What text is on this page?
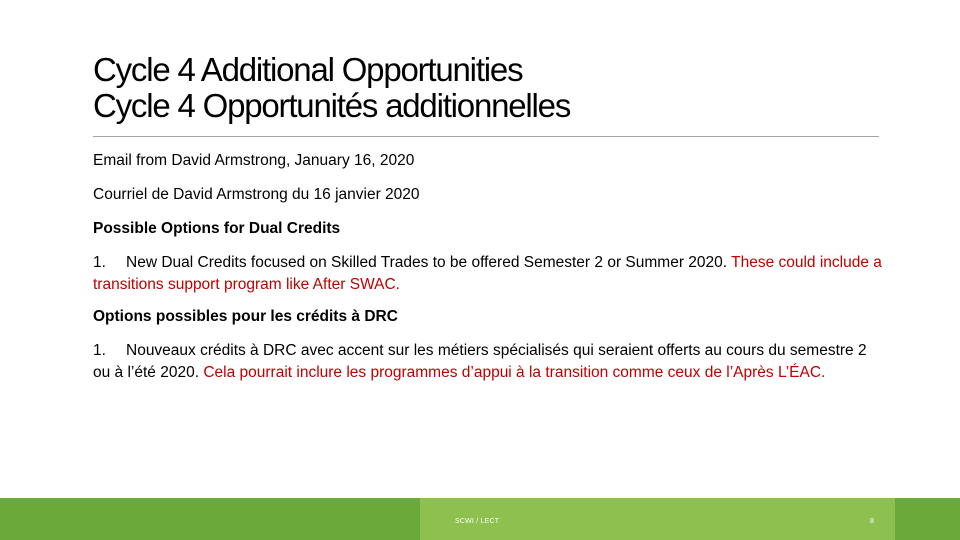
Cycle 4 Additional Opportunities
Cycle 4 Opportunités additionnelles

Email from David Armstrong, January 16, 2020

Courriel de David Armstrong du 16 janvier 2020

Possible Options for Dual Credits

1. New Dual Credits focused on Skilled Trades to be offered Semester 2 or Summer 2020. These could include a transitions support program like After SWAC.

Options possibles pour les crédits à DRC

1. Nouveaux crédits à DRC avec accent sur les métiers spécialisés qui seraient offerts au cours du semestre 2 ou à l’été 2020. Cela pourrait inclure les programmes d’appui à la transition comme ceux de l’Après L’ÉAC.

SCWI / LECT	8
